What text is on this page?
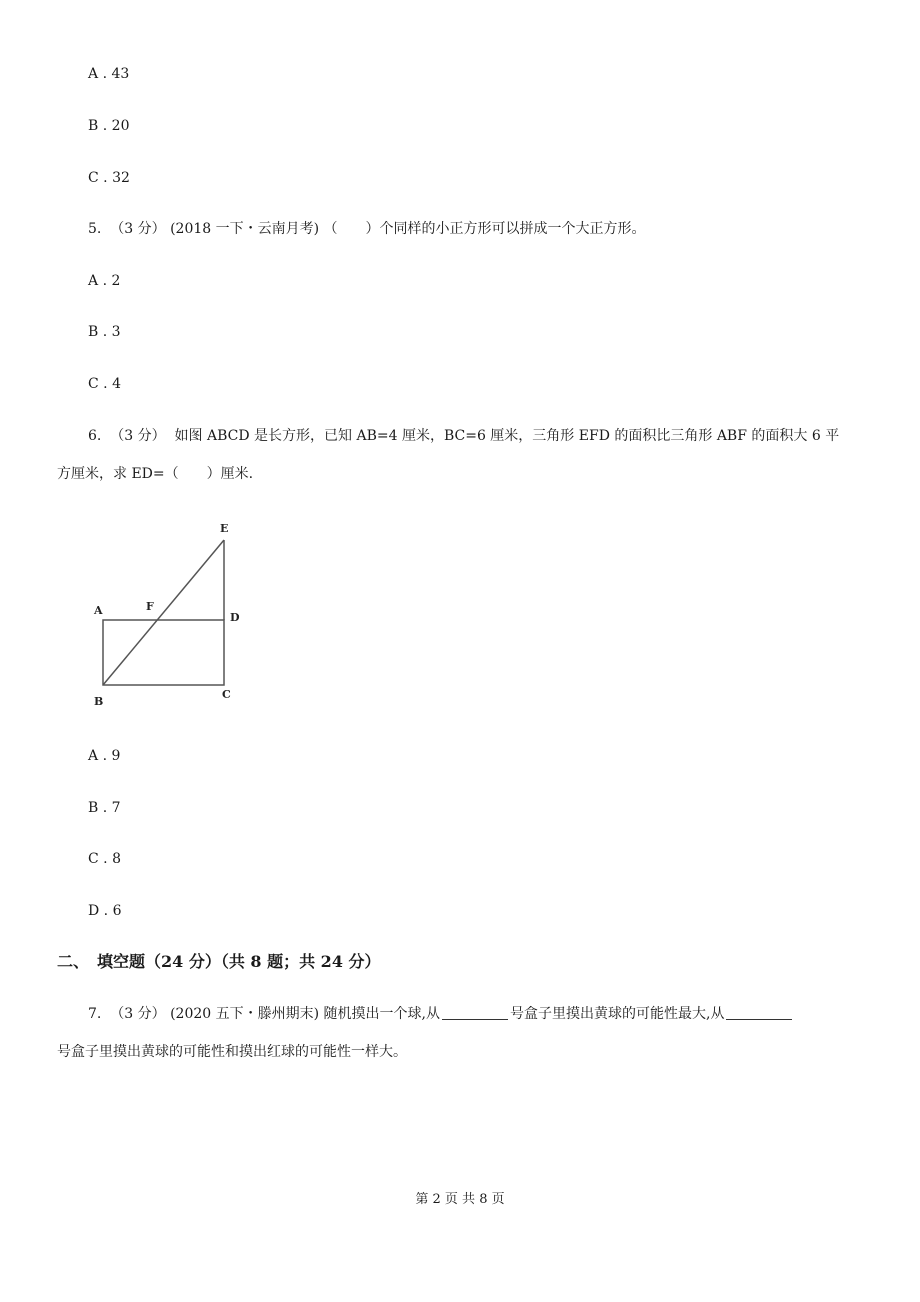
A . 43
B . 20
C . 32
5. （3 分） (2018 一下・云南月考) （　　）个同样的小正方形可以拼成一个大正方形。
A . 2
B . 3
C . 4
6. （3 分） 如图 ABCD 是长方形，已知 AB=4 厘米，BC=6 厘米，三角形 EFD 的面积比三角形 ABF 的面积大 6 平
方厘米，求 ED=（　　）厘米.
A	F
D
E
B
C
A . 9
B . 7
C . 8
D . 6
二、　填空题（24 分）（共 8 题；共 24 分）
7. （3 分） (2020 五下・滕州期末) 随机摸出一个球,从	号盒子里摸出黄球的可能性最大,从
号盒子里摸出黄球的可能性和摸出红球的可能性一样大。
第 2 页 共 8 页
